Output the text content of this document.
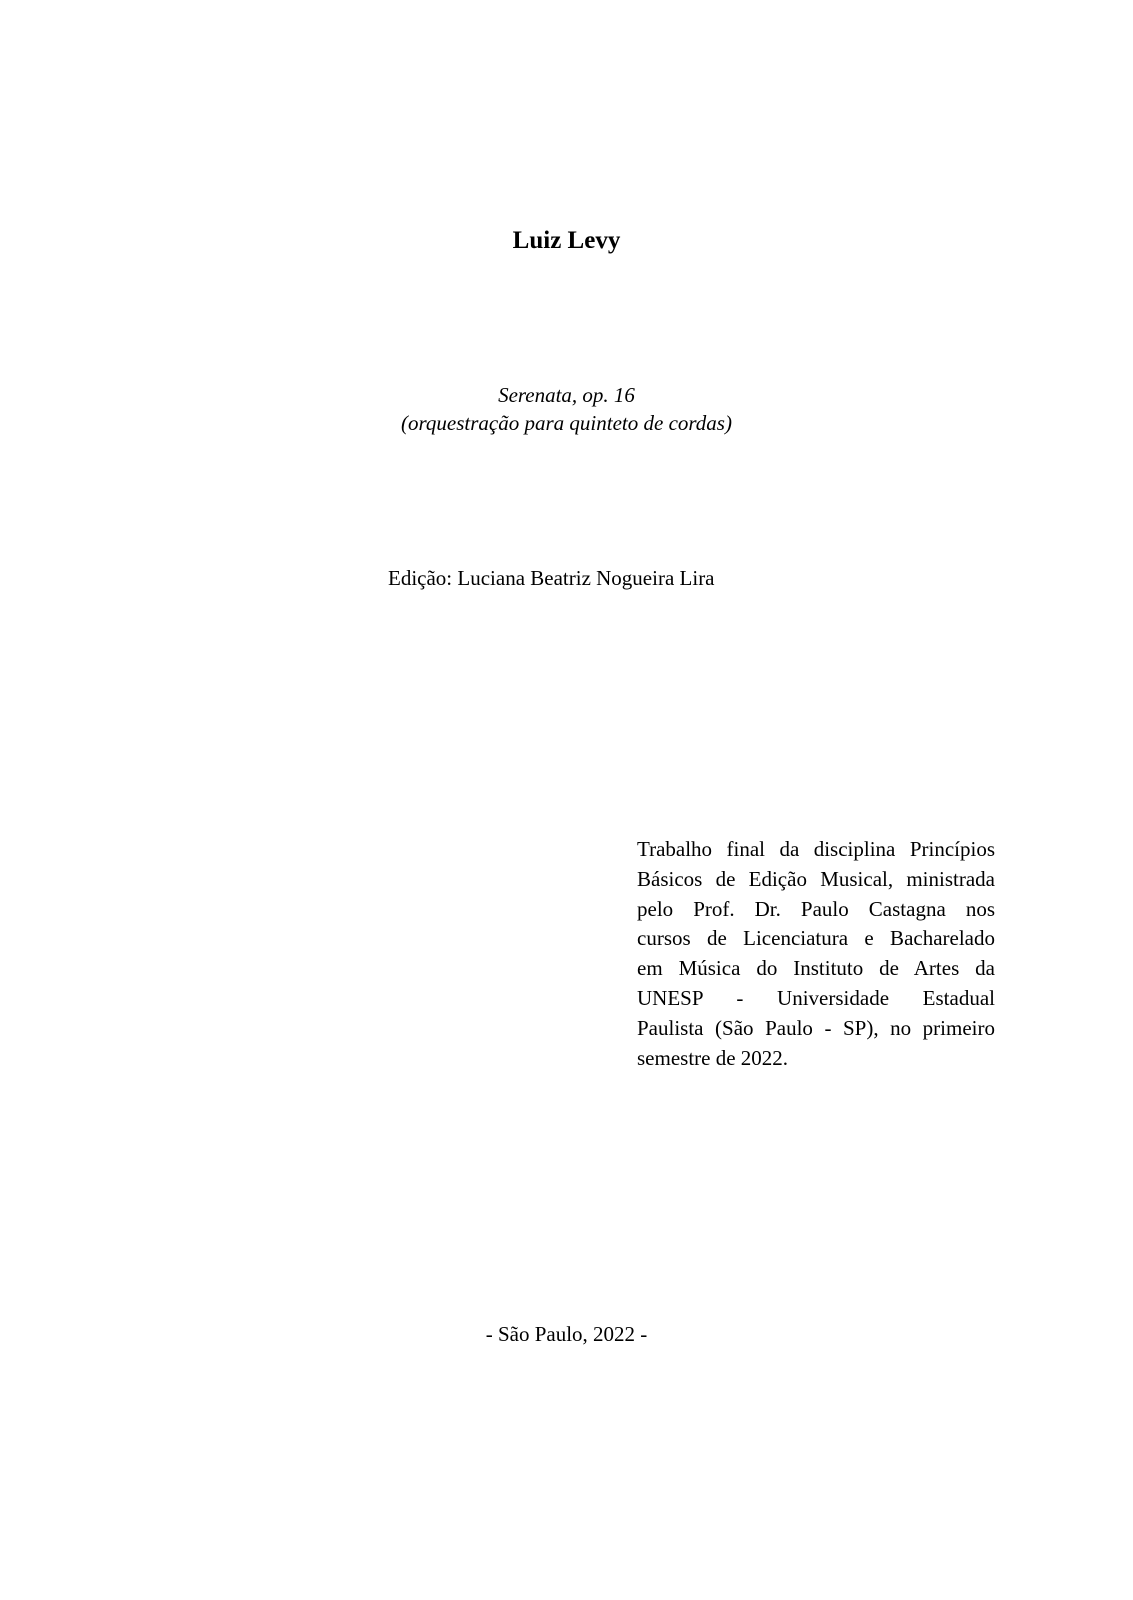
Luiz Levy
Serenata, op. 16
(orquestração para quinteto de cordas)
Edição: Luciana Beatriz Nogueira Lira
Trabalho final da disciplina Princípios
Básicos de Edição Musical, ministrada
pelo Prof. Dr. Paulo Castagna nos
cursos de Licenciatura e Bacharelado
em Música do Instituto de Artes da
UNESP - Universidade Estadual
Paulista (São Paulo - SP), no primeiro
semestre de 2022.
- São Paulo, 2022 -
